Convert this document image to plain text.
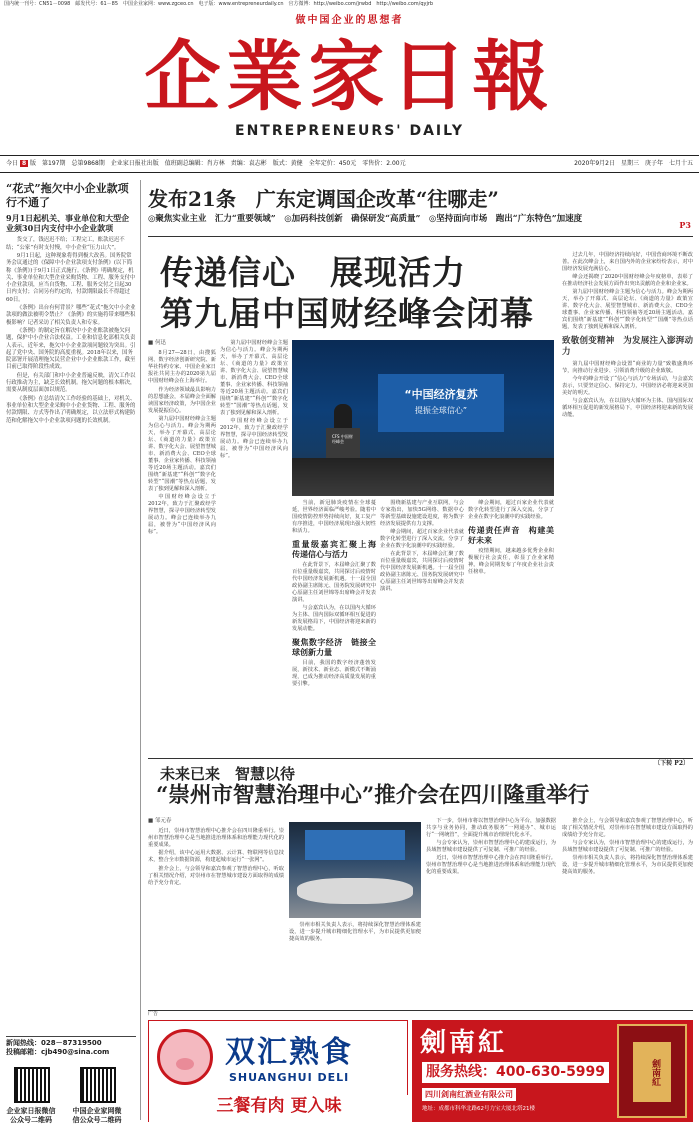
国内统一刊号：CN51－0098　邮发代号：61－85　中国企业家网：www.zgceo.cn　电子版：www.entrepreneurdaily.cn　官方微博：http://weibo.com/jrwbd　http://weibo.com/qyjrb
做中国企业的思想者
企業家日報
ENTREPRENEURS' DAILY
今日 8 版　第197期　总第9868期　企业家日报社出版　值班副总编辑：肖方林　责编：袁志彬　版式：黄健　全年定价：450元　零售价：2.00元	2020年9月2日　星期三　庚子年　七月十五
“花式”拖欠中小企业款项行不通了
9月1日起机关、事业单位和大型企业须30日内支付中小企业款项

货交了，钱迟迟不给；工程完工，账款迟迟不结；“公家”有时支付慢，中小企业“压力山大”。

9月1日起，这种现象将得到极大改善。国务院常务会议通过的《保障中小企业款项支付条例》(以下简称《条例》)于9月1日正式施行。《条例》明确规定，机关、事业单位和大型企业采购货物、工程、服务支付中小企业款项，应当自货物、工程、服务交付之日起30日内支付；合同另有约定的，付款期限最长不得超过60日。

《条例》出台有何背景？哪些“花式”拖欠中小企业款项的做法被明令禁止？《条例》的实施将带来哪些积极影响？记者采访了相关负责人和专家。

《条例》的制定旨在解决中小企业账款被拖欠问题，保护中小企业合法权益。工业和信息化部相关负责人表示，近年来，拖欠中小企业款项问题较为突出。引起了党中央、国务院的高度重视。2018年以来，国务院部署开展清理拖欠民营企业中小企业账款工作，截至目前已取得阶段性成效。

但是，有关部门和中小企业普遍反映，清欠工作以行政推动为主，缺乏长效机制。拖欠问题的根本解决，需要从制度层面加以规范。

《条例》在总结清欠工作经验的基础上，对机关、事业单位和大型企业采购中小企业货物、工程、服务的付款期限、方式等作出了明确规定，以立法形式构建防范和化解拖欠中小企业款项问题的长效机制。

新闻热线：028－87319500
投稿邮箱：cjb490@sina.com
企业家日报微信公众号二维码
中国企业家网微信公众号二维码
发布21条　广东定调国企改革“往哪走”
◎聚焦实业主业　汇力“重要领域”　◎加码科技创新　确保研发“高质量”　◎坚持面向市场　跑出“广东特色”加速度
P3
传递信心　展现活力
第九届中国财经峰会闭幕
■ 何迅

8月27—28日，由搜狐网、数字经济创新研究院、新华社特约专家、中国企业家日报社共同主办的2020第九届中国财经峰会在上海举行。

作为经济领域最具影响力的思想盛会，本届峰会全面解读国家经济政策，为中国企业发展提振信心。

第九届中国财经峰会主题为信心与活力。峰会为期两天，举办了开幕式、高层论坛、《商道的力量》政策宣讲、数字化大会、展望智慧城市、新消费大会、CEO全球董事、企业家传播、科技领袖等近20场主题活动。嘉宾们围绕“新基建”“科创”“数字化转型”“国潮”等热点话题，发表了独到见解和深入剖析。

中国财经峰会设立于2012年，致力于汇聚政经学界智慧，探寻中国经济转型发展动力。峰会已连续举办九届，被誉为“中国经济风向标”。

第九届中国财经峰会主题为信心与活力。峰会为期两天，举办了开幕式、高层论坛、《商道的力量》政策宣讲、数字化大会、展望智慧城市、新消费大会、CEO全球董事、企业家传播、科技领袖等近20场主题活动。嘉宾们围绕“新基建”“科创”“数字化转型”“国潮”等热点话题，发表了独到见解和深入剖析。

中国财经峰会设立于2012年，致力于汇聚政经学界智慧，探寻中国经济转型发展动力。峰会已连续举办九届，被誉为“中国经济风向标”。

“中国经济复苏
提振全球信心”
CFS 中国财经峰会

当前，新冠肺炎疫情在全球蔓延，世界经济面临严峻考验。随着中国疫情防控形势持续向好，复工复产有序推进，中国经济展现出强大韧性和活力。

重量级嘉宾汇聚上海　传递信心与活力

在此背景下，本届峰会汇聚了数百位重量级嘉宾，共同探讨后疫情时代中国经济发展新机遇。十一届全国政协副主席陈元、国务院发展研究中心原副主任刘世锦等出席峰会并发表演讲。

与会嘉宾认为，在以国内大循环为主体、国内国际双循环相互促进的新发展格局下，中国经济将迎来新的发展动能。

聚焦数字经济　链接全球创新力量

目前，我国的数字经济蓬勃发展，新技术、新业态、新模式不断涌现，已成为推动经济高质量发展的重要引擎。

围绕新基建与产业互联网，与会专家指出，加快5G网络、数据中心等新型基础设施建设进度，将为数字经济发展提供有力支撑。

峰会期间，超过百家企业代表就数字化转型进行了深入交流，分享了企业在数字化浪潮中的实践经验。

在此背景下，本届峰会汇聚了数百位重量级嘉宾，共同探讨后疫情时代中国经济发展新机遇。十一届全国政协副主席陈元、国务院发展研究中心原副主任刘世锦等出席峰会并发表演讲。

峰会期间，超过百家企业代表就数字化转型进行了深入交流，分享了企业在数字化浪潮中的实践经验。

传递责任声音　构建美好未来

疫情期间，越来越多优秀企业积极履行社会责任，彰显了企业家精神。峰会同期发布了年度企业社会责任榜单。

过去几年，中国经济持续向好，中国营商环境不断改善。在此次峰会上，来自国内外的企业家纷纷表示，对中国经济发展充满信心。

峰会还揭晓了2020中国财经峰会年度榜单，表彰了在推动经济社会发展方面作出突出贡献的企业和企业家。

第九届中国财经峰会主题为信心与活力。峰会为期两天，举办了开幕式、高层论坛、《商道的力量》政策宣讲、数字化大会、展望智慧城市、新消费大会、CEO全球董事、企业家传播、科技领袖等近20场主题活动。嘉宾们围绕“新基建”“科创”“数字化转型”“国潮”等热点话题，发表了独到见解和深入剖析。

致敬创变精神　为发展注入澎湃动力

第九届中国财经峰会设置“商业的力量”致敬盛典环节，向推动行业进步、引领消费升级的企业致敬。

今年的峰会开设了“信心与活力”专场活动，与会嘉宾表示，只要坚定信心、保持定力，中国经济必将迎来更加美好的明天。

与会嘉宾认为，在以国内大循环为主体、国内国际双循环相互促进的新发展格局下，中国经济将迎来新的发展动能。

〔下转 P2〕
未来已来　智慧以待
“崇州市智慧治理中心”推介会在四川隆重举行
■ 邹元春

近日，崇州市智慧治理中心推介会在四川隆重举行。崇州市智慧治理中心是当地推进治理体系和治理能力现代化的重要成果。

据介绍，该中心运用大数据、云计算、物联网等信息技术，整合全市数据资源，构建起城市运行“一张网”。

推介会上，与会领导和嘉宾参观了智慧治理中心，听取了相关情况介绍，对崇州市在智慧城市建设方面取得的成绩给予充分肯定。

崇州市相关负责人表示，将持续深化智慧治理体系建设，进一步提升城市精细化管理水平，为市民提供更加便捷高效的服务。

下一步，崇州市将以智慧治理中心为平台，加强数据共享与业务协同，推动政务服务“一网通办”、城市运行“一网统管”，全面提升城市治理现代化水平。

与会专家认为，崇州市智慧治理中心的建成运行，为县域智慧城市建设提供了可复制、可推广的经验。

近日，崇州市智慧治理中心推介会在四川隆重举行。崇州市智慧治理中心是当地推进治理体系和治理能力现代化的重要成果。

推介会上，与会领导和嘉宾参观了智慧治理中心，听取了相关情况介绍，对崇州市在智慧城市建设方面取得的成绩给予充分肯定。

与会专家认为，崇州市智慧治理中心的建成运行，为县域智慧城市建设提供了可复制、可推广的经验。

崇州市相关负责人表示，将持续深化智慧治理体系建设，进一步提升城市精细化管理水平，为市民提供更加便捷高效的服务。

广告
双汇熟食
SHUANGHUI DELI
三餐有肉 更入味
劍南紅
服务热线：400-630-5999
四川剑南红酒业有限公司
地址：成都市科华北路62号力宝大厦北塔21楼
劍南紅
